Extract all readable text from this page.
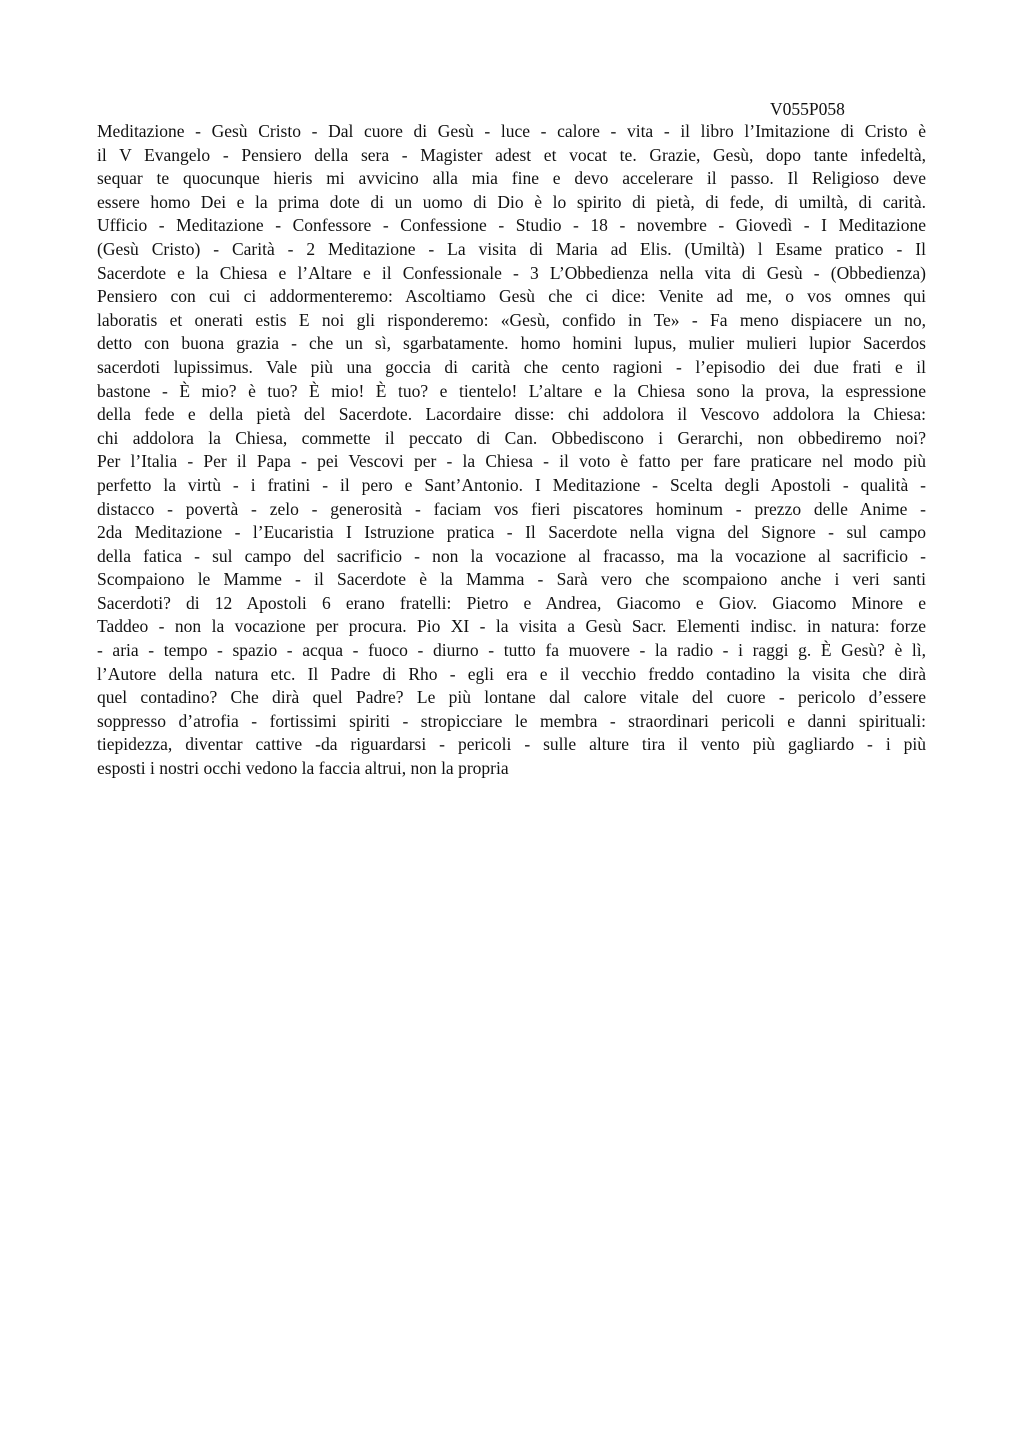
V055P058
Meditazione - Gesù Cristo - Dal cuore di Gesù - luce - calore - vita - il libro l’Imitazione di Cristo è
il V Evangelo - Pensiero della sera - Magister adest et vocat te. Grazie, Gesù, dopo tante infedeltà,
sequar te quocunque hieris mi avvicino alla mia fine e devo accelerare il passo. Il Religioso deve
essere homo Dei e la prima dote di un uomo di Dio è lo spirito di pietà, di fede, di umiltà, di carità.
Ufficio - Meditazione - Confessore - Confessione - Studio - 18 - novembre - Giovedì - I Meditazione
(Gesù Cristo) - Carità - 2 Meditazione - La visita di Maria ad Elis. (Umiltà) l Esame pratico - Il
Sacerdote e la Chiesa e l’Altare e il Confessionale - 3 L’Obbedienza nella vita di Gesù - (Obbedienza)
Pensiero con cui ci addormenteremo: Ascoltiamo Gesù che ci dice: Venite ad me, o vos omnes qui
laboratis et onerati estis E noi gli risponderemo: «Gesù, confido in Te» - Fa meno dispiacere un no,
detto con buona grazia - che un sì, sgarbatamente. homo homini lupus, mulier mulieri lupior Sacerdos
sacerdoti lupissimus. Vale più una goccia di carità che cento ragioni - l’episodio dei due frati e il
bastone - È mio? è tuo? È mio! È tuo? e tientelo! L’altare e la Chiesa sono la prova, la espressione
della fede e della pietà del Sacerdote. Lacordaire disse: chi addolora il Vescovo addolora la Chiesa:
chi addolora la Chiesa, commette il peccato di Can. Obbediscono i Gerarchi, non obbediremo noi?
Per l’Italia - Per il Papa - pei Vescovi per - la Chiesa - il voto è fatto per fare praticare nel modo più
perfetto la virtù - i fratini - il pero e Sant’Antonio. I Meditazione - Scelta degli Apostoli - qualità -
distacco - povertà - zelo - generosità - faciam vos fieri piscatores hominum - prezzo delle Anime -
2da Meditazione - l’Eucaristia I Istruzione pratica - Il Sacerdote nella vigna del Signore - sul campo
della fatica - sul campo del sacrificio - non la vocazione al fracasso, ma la vocazione al sacrificio -
Scompaiono le Mamme - il Sacerdote è la Mamma - Sarà vero che scompaiono anche i veri santi
Sacerdoti? di 12 Apostoli 6 erano fratelli: Pietro e Andrea, Giacomo e Giov. Giacomo Minore e
Taddeo - non la vocazione per procura. Pio XI - la visita a Gesù Sacr. Elementi indisc. in natura: forze
- aria - tempo - spazio - acqua - fuoco - diurno - tutto fa muovere - la radio - i raggi g. È Gesù? è lì,
l’Autore della natura etc. Il Padre di Rho - egli era e il vecchio freddo contadino la visita che dirà
quel contadino? Che dirà quel Padre? Le più lontane dal calore vitale del cuore - pericolo d’essere
soppresso d’atrofia - fortissimi spiriti - stropicciare le membra - straordinari pericoli e danni spirituali:
tiepidezza, diventar cattive -da riguardarsi - pericoli - sulle alture tira il vento più gagliardo - i più
esposti i nostri occhi vedono la faccia altrui, non la propria
